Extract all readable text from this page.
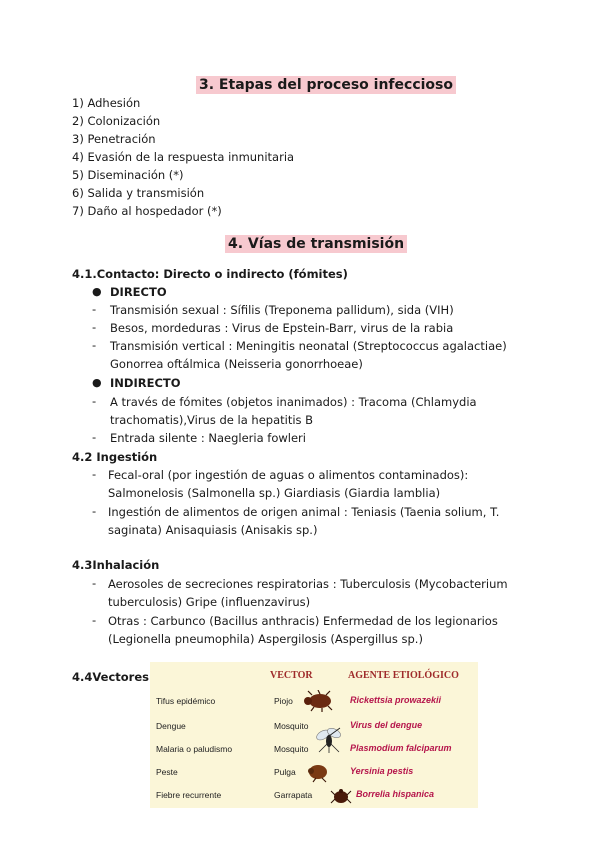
3. Etapas del proceso infeccioso
1) Adhesión
2) Colonización
3) Penetración
4) Evasión de la respuesta inmunitaria
5) Diseminación (*)
6) Salida y transmisión
7) Daño al hospedador (*)
4. Vías de transmisión
4.1.Contacto: Directo o indirecto (fómites)
● DIRECTO
- Transmisión sexual : Sífilis (Treponema pallidum), sida (VIH)
- Besos, mordeduras : Virus de Epstein-Barr, virus de la rabia
- Transmisión vertical : Meningitis neonatal (Streptococcus agalactiae)
Gonorrea oftálmica (Neisseria gonorrhoeae)
● INDIRECTO
- A través de fómites (objetos inanimados) : Tracoma (Chlamydia
trachomatis),Virus de la hepatitis B
- Entrada silente : Naegleria fowleri
4.2 Ingestión
- Fecal-oral (por ingestión de aguas o alimentos contaminados):
Salmonelosis (Salmonella sp.) Giardiasis (Giardia lamblia)
- Ingestión de alimentos de origen animal : Teniasis (Taenia solium, T.
saginata) Anisaquiasis (Anisakis sp.)
4.3Inhalación
- Aerosoles de secreciones respiratorias : Tuberculosis (Mycobacterium
tuberculosis) Gripe (influenzavirus)
- Otras : Carbunco (Bacillus anthracis) Enfermedad de los legionarios
(Legionella pneumophila) Aspergilosis (Aspergillus sp.)
4.4Vectores	VECTOR	AGENTE ETIOLÓGICO
Tifus epidémico	Piojo	Rickettsia prowazekii
Dengue	Mosquito	Virus del dengue
Malaria o paludismo	Mosquito	Plasmodium falciparum
Peste	Pulga	Yersinia pestis
Fiebre recurrente	Garrapata	Borrelia hispanica
